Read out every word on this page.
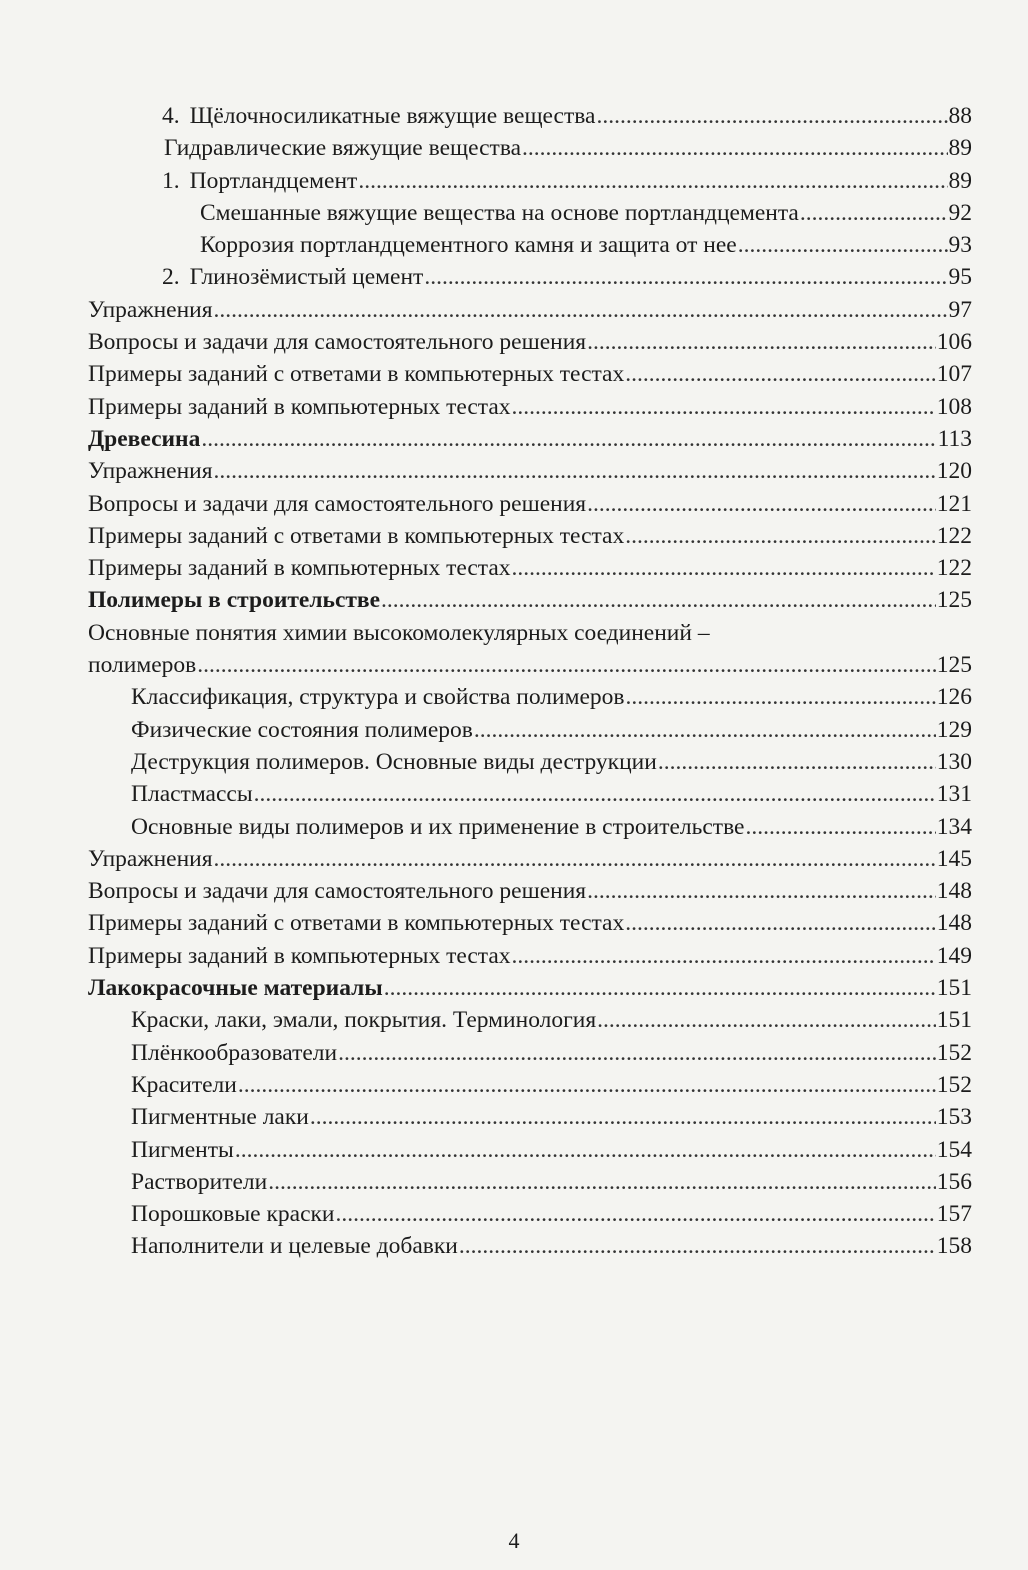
4. Щёлочносиликатные вяжущие вещества .....	88
Гидравлические вяжущие вещества .....	89
1. Портландцемент .....	89
Смешанные вяжущие вещества на основе портландцемента .....	92
Коррозия портландцементного камня и защита от нее .....	93
2. Глинозёмистый цемент .....	95
Упражнения .....	97
Вопросы и задачи для самостоятельного решения .....	106
Примеры заданий с ответами в компьютерных тестах .....	107
Примеры заданий в компьютерных тестах .....	108
Древесина .....	113
Упражнения .....	120
Вопросы и задачи для самостоятельного решения .....	121
Примеры заданий с ответами в компьютерных тестах .....	122
Примеры заданий в компьютерных тестах .....	122
Полимеры в строительстве .....	125
Основные понятия химии высокомолекулярных соединений –
полимеров .....	125
Классификация, структура и свойства полимеров .....	126
Физические состояния полимеров .....	129
Деструкция полимеров. Основные виды деструкции .....	130
Пластмассы .....	131
Основные виды полимеров и их применение в строительстве .....	134
Упражнения .....	145
Вопросы и задачи для самостоятельного решения .....	148
Примеры заданий с ответами в компьютерных тестах .....	148
Примеры заданий в компьютерных тестах .....	149
Лакокрасочные материалы .....	151
Краски, лаки, эмали, покрытия. Терминология .....	151
Плёнкообразователи .....	152
Красители .....	152
Пигментные лаки .....	153
Пигменты .....	154
Растворители .....	156
Порошковые краски .....	157
Наполнители и целевые добавки .....	158
4
